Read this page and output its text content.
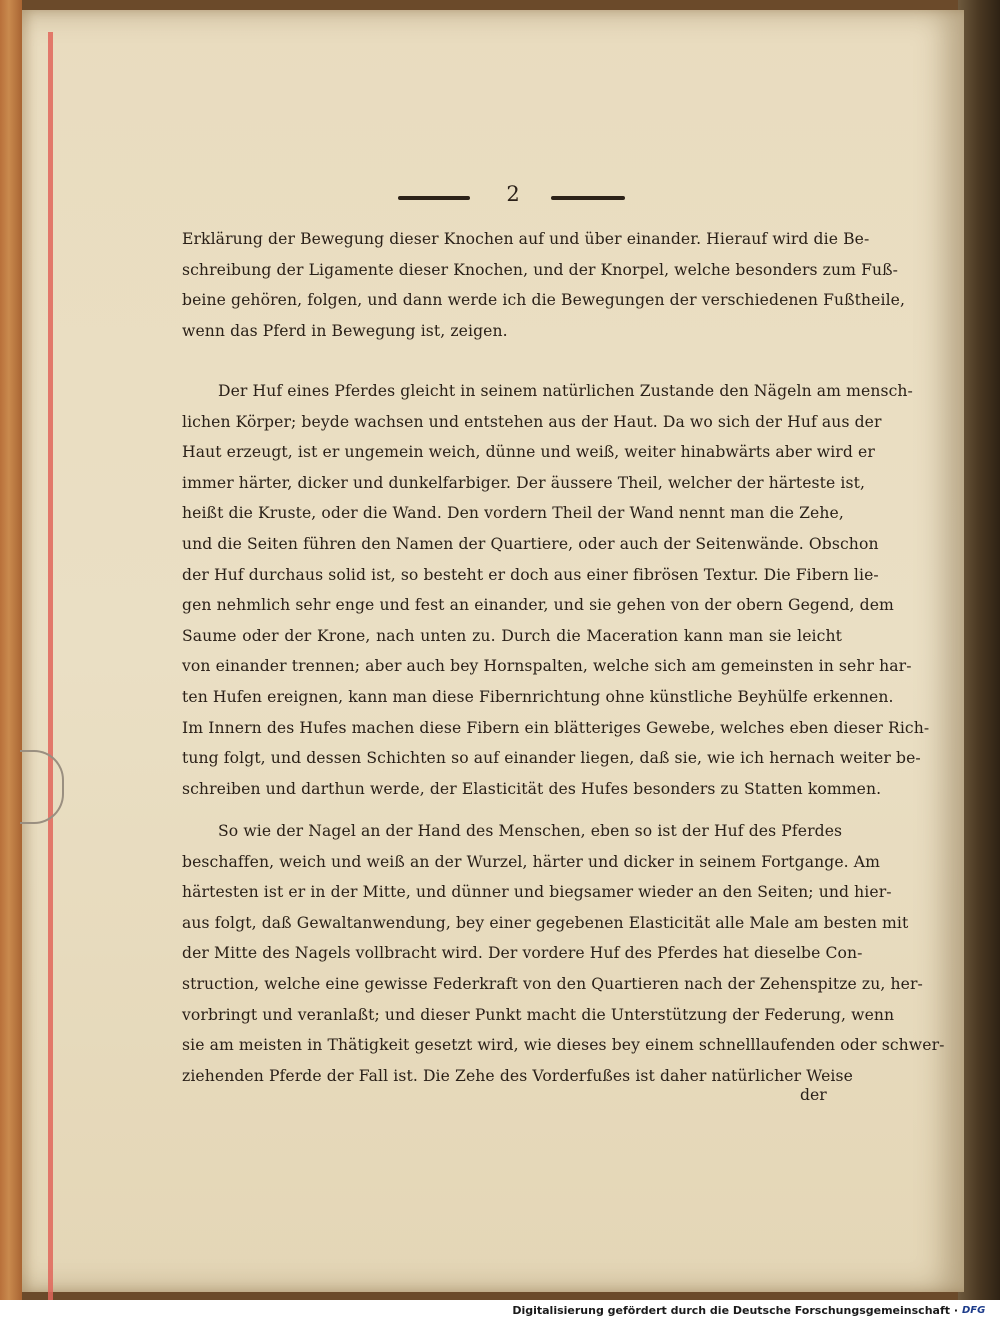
2
Erklärung der Bewegung dieser Knochen auf und über einander. Hierauf wird die Be-
schreibung der Ligamente dieser Knochen, und der Knorpel, welche besonders zum Fuß-
beine gehören, folgen, und dann werde ich die Bewegungen der verschiedenen Fußtheile,
wenn das Pferd in Bewegung ist, zeigen.
Der Huf eines Pferdes gleicht in seinem natürlichen Zustande den Nägeln am mensch-
lichen Körper; beyde wachsen und entstehen aus der Haut. Da wo sich der Huf aus der
Haut erzeugt, ist er ungemein weich, dünne und weiß, weiter hinabwärts aber wird er
immer härter, dicker und dunkelfarbiger. Der äussere Theil, welcher der härteste ist,
heißt die Kruste, oder die Wand. Den vordern Theil der Wand nennt man die Zehe,
und die Seiten führen den Namen der Quartiere, oder auch der Seitenwände. Obschon
der Huf durchaus solid ist, so besteht er doch aus einer fibrösen Textur. Die Fibern lie-
gen nehmlich sehr enge und fest an einander, und sie gehen von der obern Gegend, dem
Saume oder der Krone, nach unten zu. Durch die Maceration kann man sie leicht
von einander trennen; aber auch bey Hornspalten, welche sich am gemeinsten in sehr har-
ten Hufen ereignen, kann man diese Fibernrichtung ohne künstliche Beyhülfe erkennen.
Im Innern des Hufes machen diese Fibern ein blätteriges Gewebe, welches eben dieser Rich-
tung folgt, und dessen Schichten so auf einander liegen, daß sie, wie ich hernach weiter be-
schreiben und darthun werde, der Elasticität des Hufes besonders zu Statten kommen.
So wie der Nagel an der Hand des Menschen, eben so ist der Huf des Pferdes
beschaffen, weich und weiß an der Wurzel, härter und dicker in seinem Fortgange. Am
härtesten ist er in der Mitte, und dünner und biegsamer wieder an den Seiten; und hier-
aus folgt, daß Gewaltanwendung, bey einer gegebenen Elasticität alle Male am besten mit
der Mitte des Nagels vollbracht wird. Der vordere Huf des Pferdes hat dieselbe Con-
struction, welche eine gewisse Federkraft von den Quartieren nach der Zehenspitze zu, her-
vorbringt und veranlaßt; und dieser Punkt macht die Unterstützung der Federung, wenn
sie am meisten in Thätigkeit gesetzt wird, wie dieses bey einem schnelllaufenden oder schwer-
ziehenden Pferde der Fall ist. Die Zehe des Vorderfußes ist daher natürlicher Weise
der
Digitalisierung gefördert durch die Deutsche Forschungsgemeinschaft · DFG
